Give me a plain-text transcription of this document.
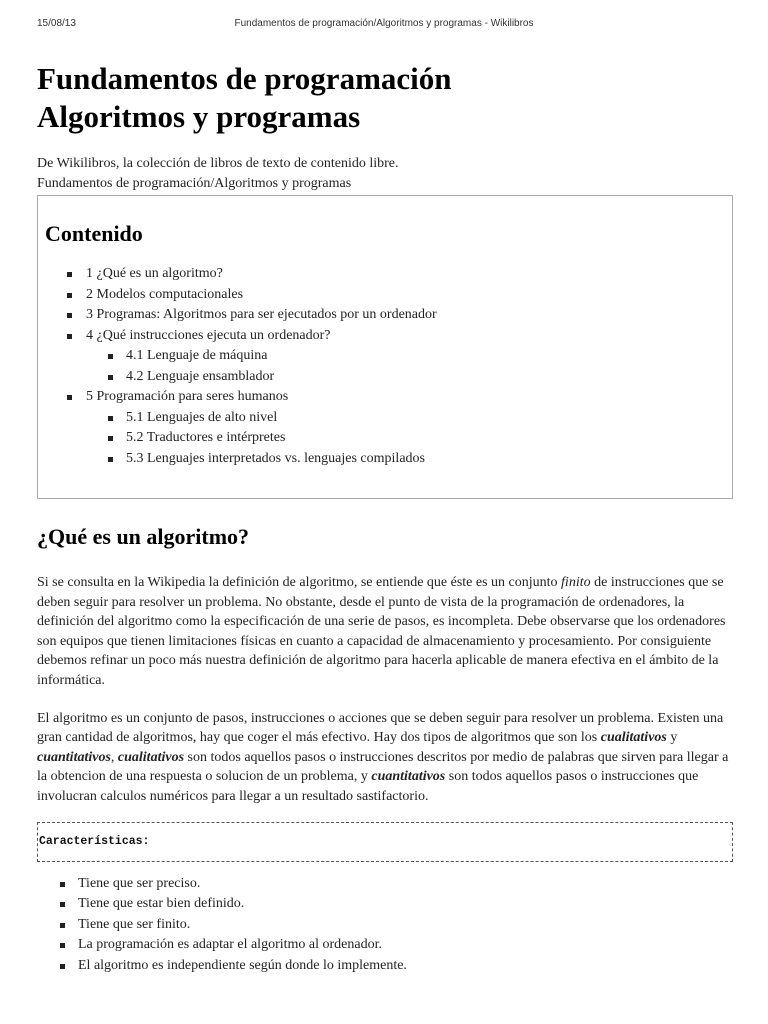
15/08/13	Fundamentos de programación/Algoritmos y programas - Wikilibros
Fundamentos de programación
Algoritmos y programas
De Wikilibros, la colección de libros de texto de contenido libre.
Fundamentos de programación/Algoritmos y programas
Contenido
1 ¿Qué es un algoritmo?
2 Modelos computacionales
3 Programas: Algoritmos para ser ejecutados por un ordenador
4 ¿Qué instrucciones ejecuta un ordenador?
4.1 Lenguaje de máquina
4.2 Lenguaje ensamblador
5 Programación para seres humanos
5.1 Lenguajes de alto nivel
5.2 Traductores e intérpretes
5.3 Lenguajes interpretados vs. lenguajes compilados
¿Qué es un algoritmo?

Si se consulta en la Wikipedia la definición de algoritmo, se entiende que éste es un conjunto finito de instrucciones que se deben seguir para resolver un problema. No obstante, desde el punto de vista de la programación de ordenadores, la definición del algoritmo como la especificación de una serie de pasos, es incompleta. Debe observarse que los ordenadores son equipos que tienen limitaciones físicas en cuanto a capacidad de almacenamiento y procesamiento. Por consiguiente debemos refinar un poco más nuestra definición de algoritmo para hacerla aplicable de manera efectiva en el ámbito de la informática.

El algoritmo es un conjunto de pasos, instrucciones o acciones que se deben seguir para resolver un problema. Existen una gran cantidad de algoritmos, hay que coger el más efectivo. Hay dos tipos de algoritmos que son los cualitativos y cuantitativos, cualitativos son todos aquellos pasos o instrucciones descritos por medio de palabras que sirven para llegar a la obtencion de una respuesta o solucion de un problema, y cuantitativos son todos aquellos pasos o instrucciones que involucran calculos numéricos para llegar a un resultado sastifactorio.

Características:
Tiene que ser preciso.
Tiene que estar bien definido.
Tiene que ser finito.
La programación es adaptar el algoritmo al ordenador.
El algoritmo es independiente según donde lo implemente.
